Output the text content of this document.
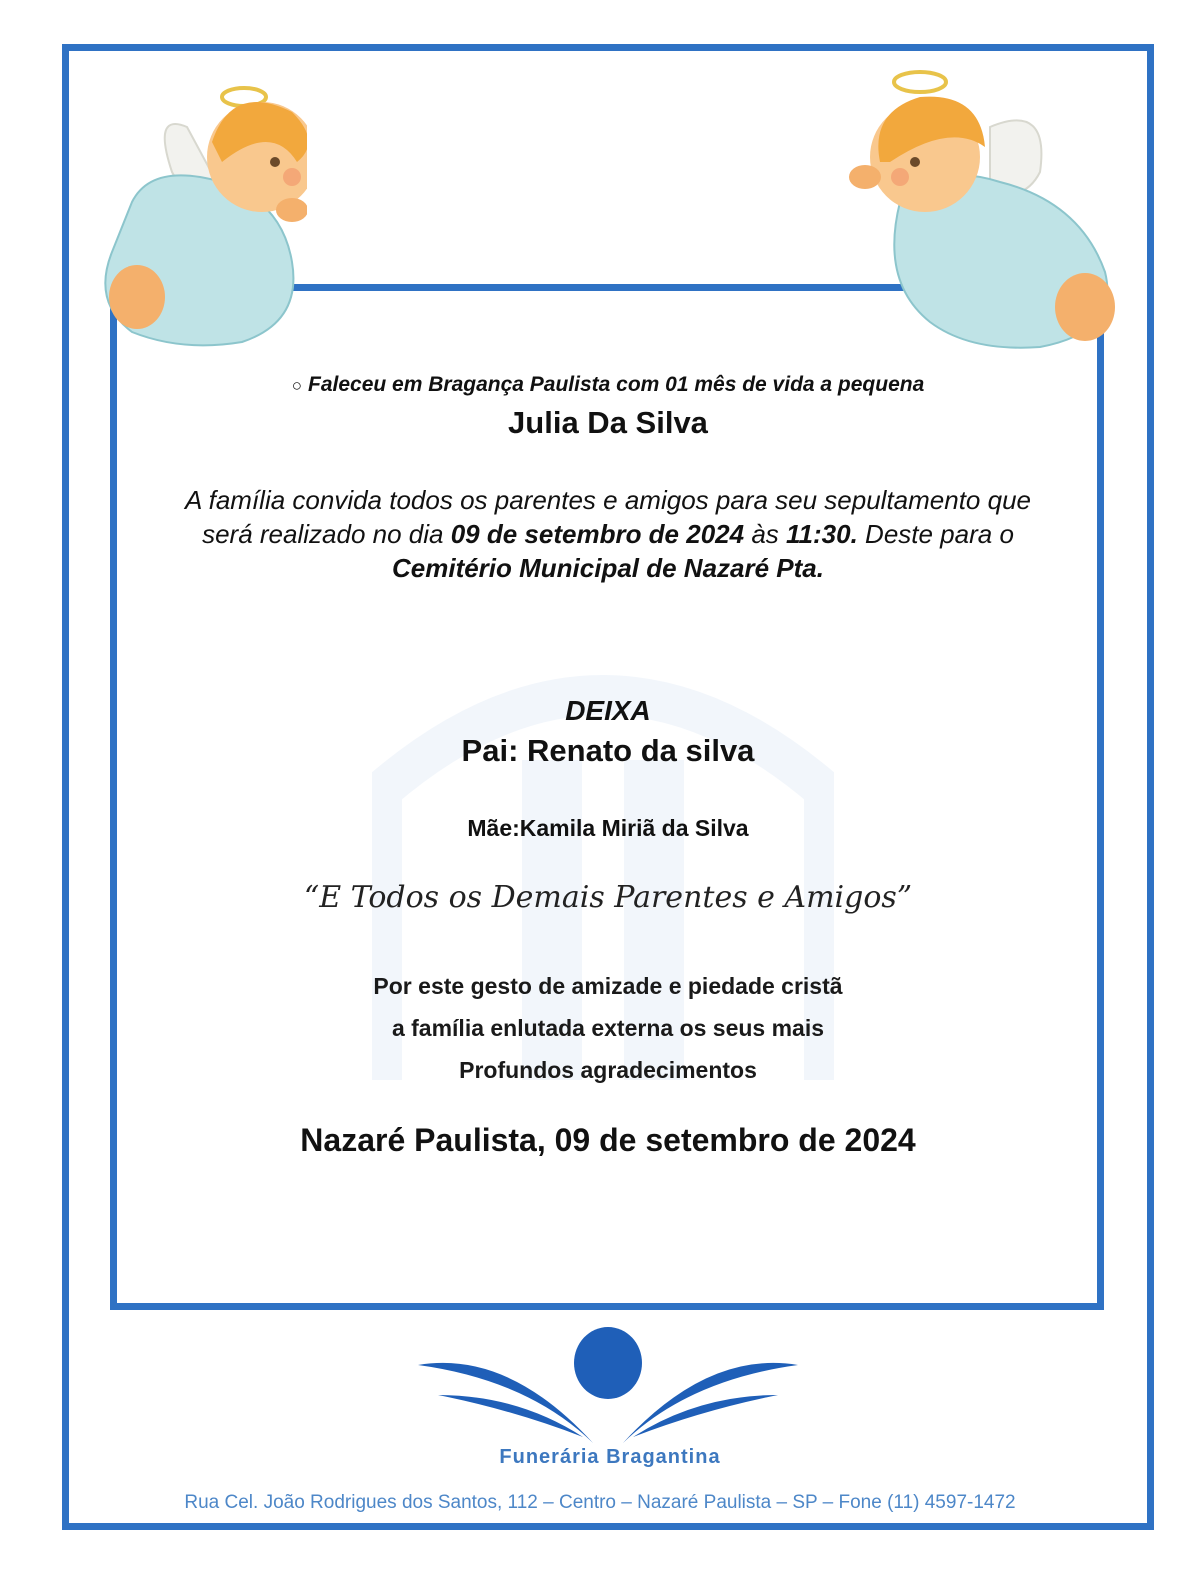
○ Faleceu em Bragança Paulista com 01 mês de vida a pequena
Julia Da Silva
A família convida todos os parentes e amigos para seu sepultamento que será realizado no dia 09 de setembro de 2024 às 11:30. Deste para o Cemitério Municipal de Nazaré Pta.
DEIXA
Pai: Renato da silva
Mãe:Kamila Miriã da Silva
“E Todos os Demais Parentes e Amigos”
Por este gesto de amizade e piedade cristã
a família enlutada externa os seus mais
Profundos agradecimentos
Nazaré Paulista, 09 de setembro de 2024
Funerária Bragantina
Rua Cel. João Rodrigues dos Santos, 112 – Centro – Nazaré Paulista – SP – Fone (11) 4597-1472
